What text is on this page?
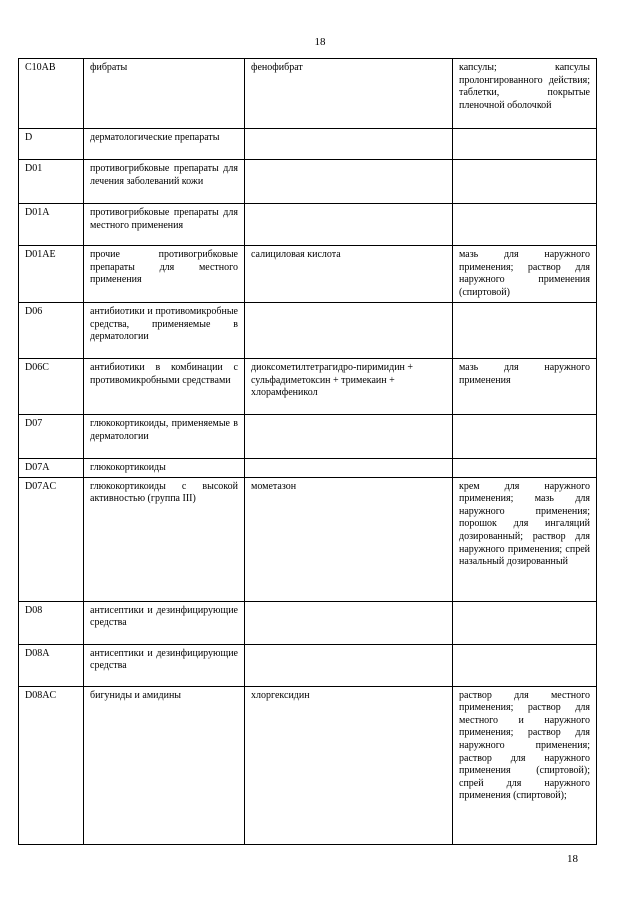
18
C10AB	фибраты	фенофибрат	капсулы; капсулы пролонгированного действия; таблетки, покрытые пленочной оболочкой
D	дерматологические препараты		
D01	противогрибковые препараты для лечения заболеваний кожи		
D01A	противогрибковые препараты для местного применения		
D01AE	прочие противогрибковые препараты для местного применения	салициловая кислота	мазь для наружного применения; раствор для наружного применения (спиртовой)
D06	антибиотики и противомикробные средства, применяемые в дерматологии		
D06C	антибиотики в комбинации с противомикробными средствами	диоксометилтетрагидро-пиримидин + сульфадиметоксин + тримекаин + хлорамфеникол	мазь для наружного применения
D07	глюкокортикоиды, применяемые в дерматологии		
D07A	глюкокортикоиды		
D07AC	глюкокортикоиды с высокой активностью (группа III)	мометазон	крем для наружного применения; мазь для наружного применения; порошок для ингаляций дозированный; раствор для наружного применения; спрей назальный дозированный
D08	антисептики и дезинфицирующие средства		
D08A	антисептики и дезинфицирующие средства		
D08AC	бигуниды и амидины	хлоргексидин	раствор для местного применения; раствор для местного и наружного применения; раствор для наружного применения; раствор для наружного применения (спиртовой); спрей для наружного применения (спиртовой);
18
